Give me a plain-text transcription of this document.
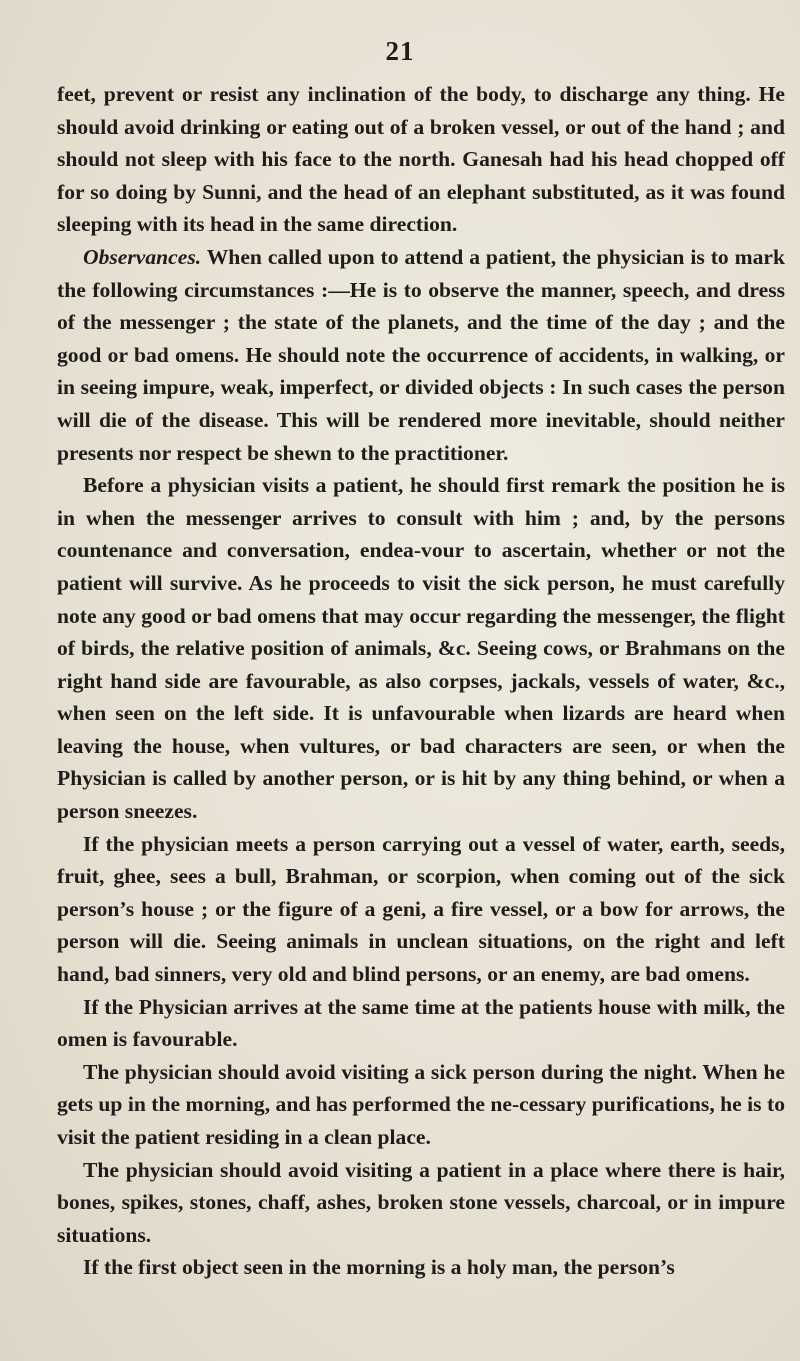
21

feet, prevent or resist any inclination of the body, to discharge any thing. He should avoid drinking or eating out of a broken vessel, or out of the hand ; and should not sleep with his face to the north. Ganesah had his head chopped off for so doing by Sunni, and the head of an elephant substituted, as it was found sleeping with its head in the same direction.

Observances. When called upon to attend a patient, the physician is to mark the following circumstances :—He is to observe the manner, speech, and dress of the messenger ; the state of the planets, and the time of the day ; and the good or bad omens. He should note the occurrence of accidents, in walking, or in seeing impure, weak, imperfect, or divided objects : In such cases the person will die of the disease. This will be rendered more inevitable, should neither presents nor respect be shewn to the practitioner.

Before a physician visits a patient, he should first remark the position he is in when the messenger arrives to consult with him ; and, by the persons countenance and conversation, endea-vour to ascertain, whether or not the patient will survive. As he proceeds to visit the sick person, he must carefully note any good or bad omens that may occur regarding the messenger, the flight of birds, the relative position of animals, &c. Seeing cows, or Brahmans on the right hand side are favourable, as also corpses, jackals, vessels of water, &c., when seen on the left side. It is unfavourable when lizards are heard when leaving the house, when vultures, or bad characters are seen, or when the Physician is called by another person, or is hit by any thing behind, or when a person sneezes.

If the physician meets a person carrying out a vessel of water, earth, seeds, fruit, ghee, sees a bull, Brahman, or scorpion, when coming out of the sick person’s house ; or the figure of a geni, a fire vessel, or a bow for arrows, the person will die. Seeing animals in unclean situations, on the right and left hand, bad sinners, very old and blind persons, or an enemy, are bad omens.

If the Physician arrives at the same time at the patients house with milk, the omen is favourable.

The physician should avoid visiting a sick person during the night. When he gets up in the morning, and has performed the ne-cessary purifications, he is to visit the patient residing in a clean place.

The physician should avoid visiting a patient in a place where there is hair, bones, spikes, stones, chaff, ashes, broken stone vessels, charcoal, or in impure situations.

If the first object seen in the morning is a holy man, the person’s
